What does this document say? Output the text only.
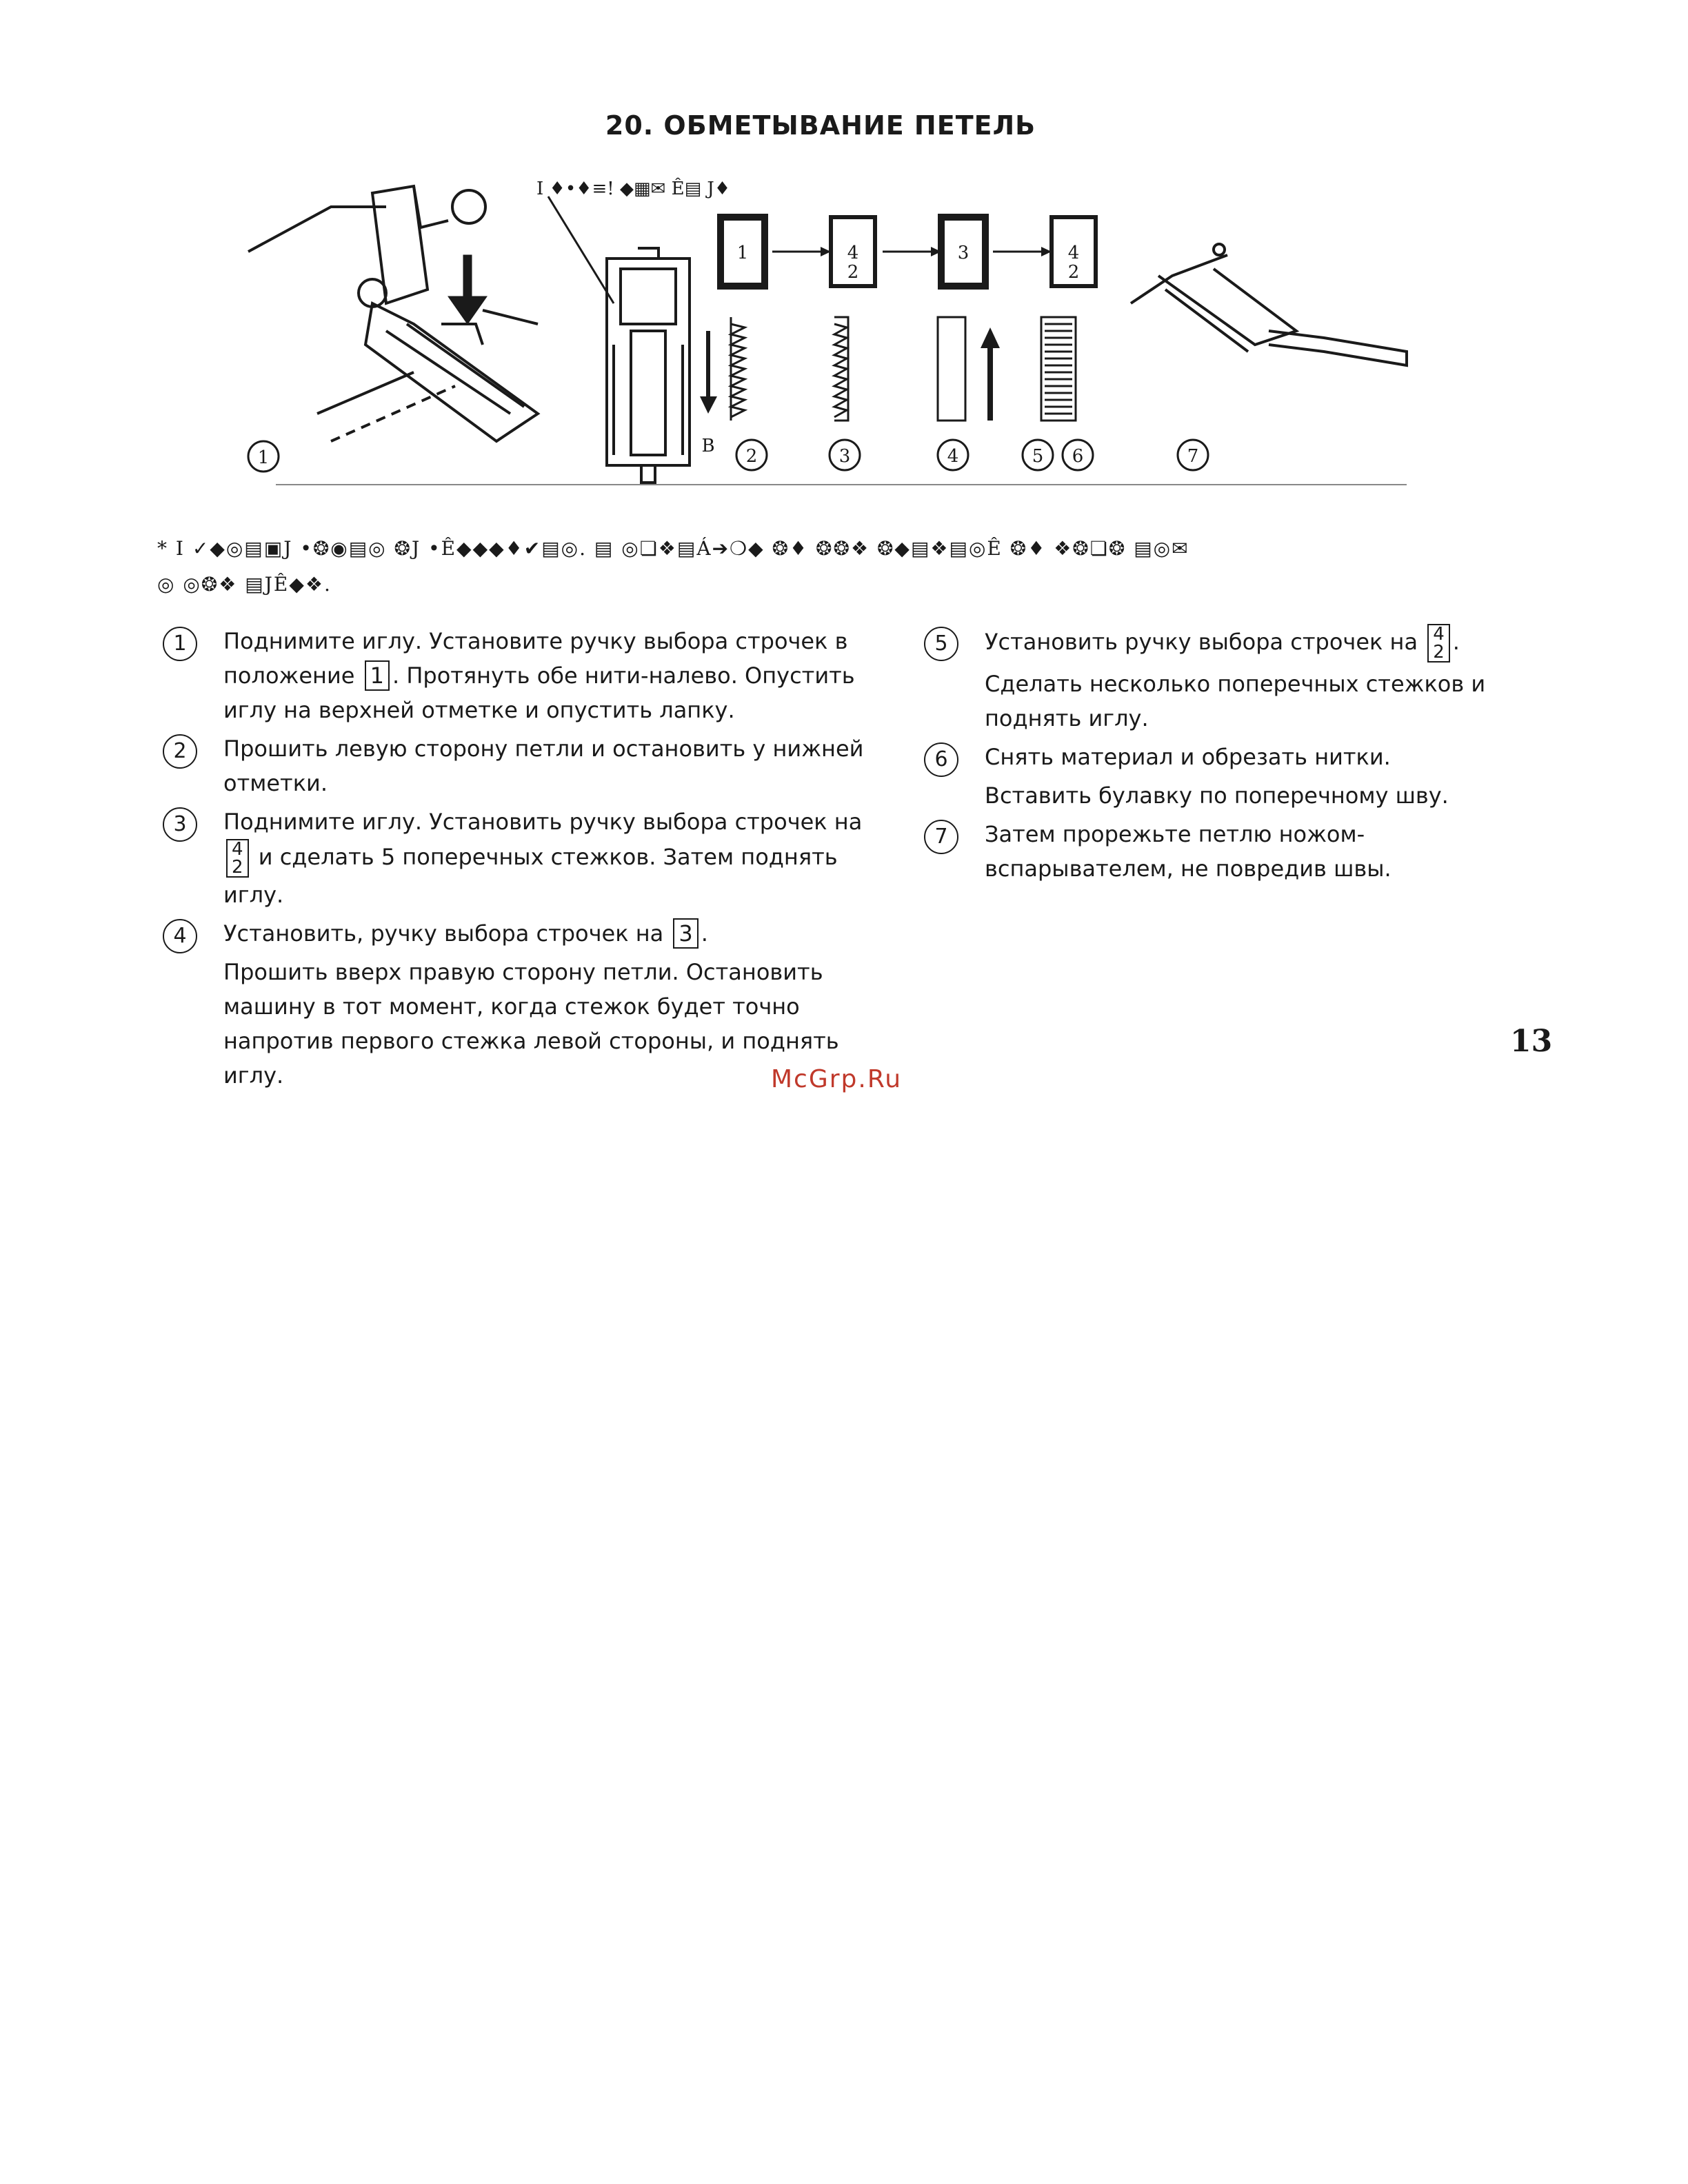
20. ОБМЕТЫВАНИЕ ПЕТЕЛЬ
1
I ♦•♦≡! ◆▦✉ Ê▤ J♦
1	4 2
3	4 2
B 2	3	4	5 6	7
* I ✓◆◎▤▣J •❂◉▤◎ ❂J •Ê◆◆◆♦✔▤◎. ▤ ◎❏❖▤Á➔❍◆ ❂♦ ❂❂❖ ❂◆▤❖▤◎Ê ❂♦ ❖❂❏❂ ▤◎✉
◎ ◎❂❖ ▤JÊ◆❖.
1	Поднимите иглу. Установите ручку выбора строчек в положение 1 . Протянуть обе нити-налево. Опустить иглу на верхней отметке и опустить лапку.

2	Прошить левую сторону петли и остановить у нижней отметки.

3	Поднимите иглу. Установить ручку выбора строчек на
4
2 и сделать 5 поперечных стежков. Затем поднять иглу.

4	Установить, ручку выбора строчек на 3 .

Прошить вверх правую сторону петли. Остановить машину в тот момент, когда стежок будет точно напротив первого стежка левой стороны, и поднять иглу.

5	Установить ручку выбора строчек на 4
2 .

Сделать несколько поперечных стежков и поднять иглу.

6	Снять материал и обрезать нитки.

Вставить булавку по поперечному шву.

7	Затем прорежьте петлю ножом-вспарывателем, не повредив швы.

13
McGrp.Ru
